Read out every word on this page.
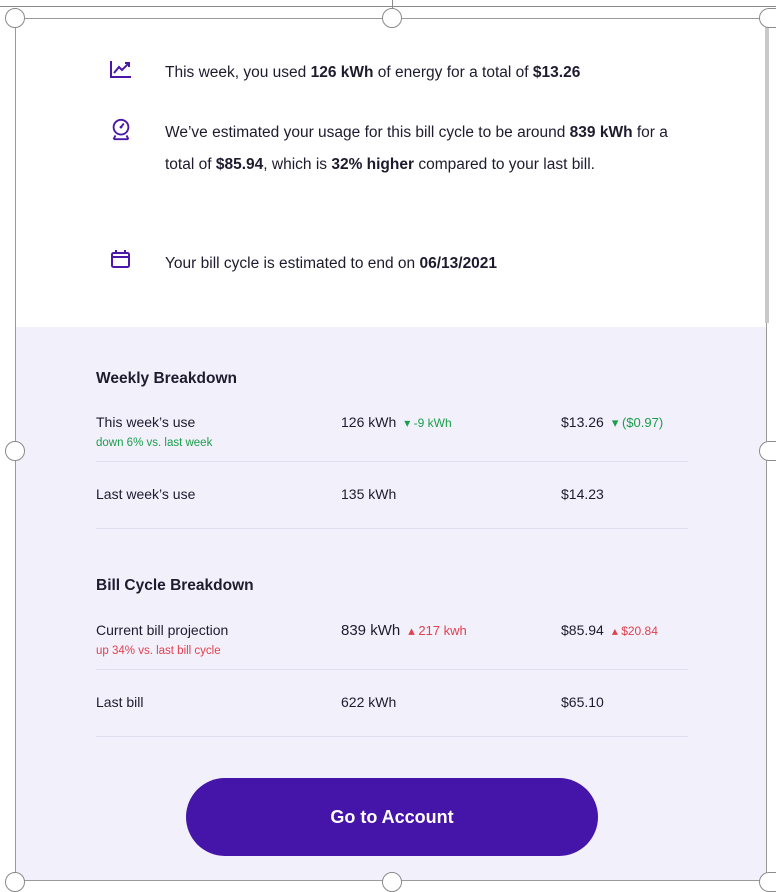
This week, you used 126 kWh of energy for a total of $13.26
We’ve estimated your usage for this bill cycle to be around 839 kWh for a total of $85.94, which is 32% higher compared to your last bill.
Your bill cycle is estimated to end on 06/13/2021
Weekly Breakdown
This week’s use
down 6% vs. last week
126 kWh ▾ -9 kWh	$13.26 ▾ ($0.97)
Last week’s use	135 kWh	$14.23
Bill Cycle Breakdown
Current bill projection
up 34% vs. last bill cycle
839 kWh ▴ 217 kwh	$85.94 ▴ $20.84
Last bill	622 kWh	$65.10
Go to Account
